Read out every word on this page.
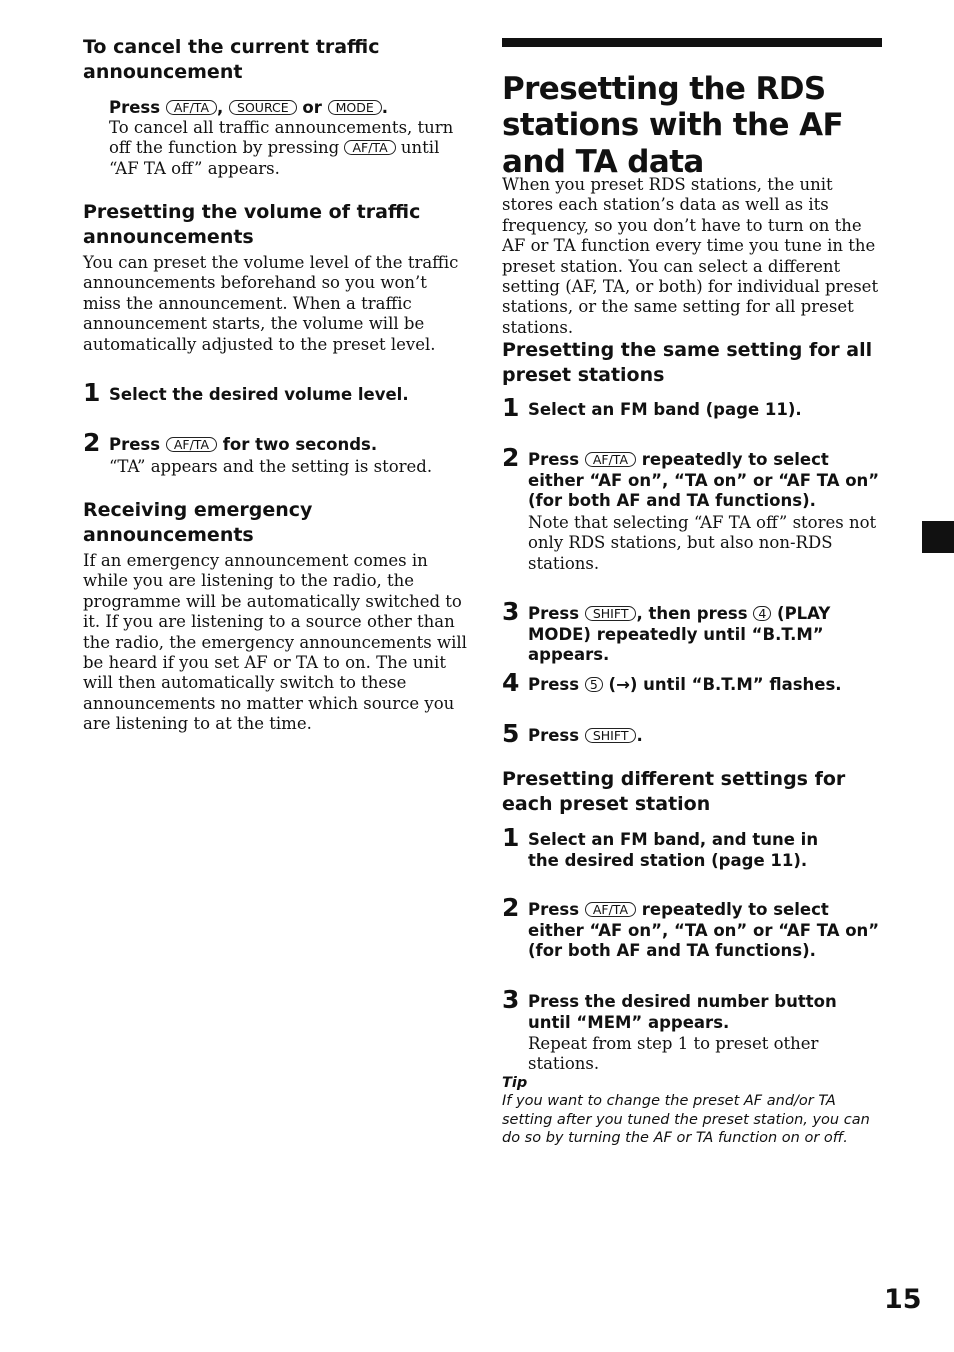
To cancel the current traffic announcement
Press AF/TA , SOURCE or MODE .

To cancel all traffic announcements, turn off the function by pressing AF/TA until “AF TA off” appears.

Presetting the volume of traffic announcements

You can preset the volume level of the traffic announcements beforehand so you won’t miss the announcement. When a traffic announcement starts, the volume will be automatically adjusted to the preset level.

1 Select the desired volume level.
2 Press AF/TA for two seconds.

“TA” appears and the setting is stored.

Receiving emergency announcements

If an emergency announcement comes in while you are listening to the radio, the programme will be automatically switched to it. If you are listening to a source other than the radio, the emergency announcements will be heard if you set AF or TA to on. The unit will then automatically switch to these announcements no matter which source you are listening to at the time.

Presetting the RDS stations with the AF and TA data

When you preset RDS stations, the unit stores each station’s data as well as its frequency, so you don’t have to turn on the AF or TA function every time you tune in the preset station. You can select a different setting (AF, TA, or both) for individual preset stations, or the same setting for all preset stations.

Presetting the same setting for all preset stations
1 Select an FM band (page 11).
2 Press AF/TA repeatedly to select either “AF on”, “TA on” or “AF TA on” (for both AF and TA functions).

Note that selecting “AF TA off” stores not only RDS stations, but also non-RDS stations.

3 Press SHIFT , then press 4 (PLAY MODE) repeatedly until “B.T.M” appears.
4 Press 5 (→) until “B.T.M” flashes.
5 Press SHIFT .
Presetting different settings for each preset station
1 Select an FM band, and tune in the desired station (page 11).
2 Press AF/TA repeatedly to select either “AF on”, “TA on” or “AF TA on” (for both AF and TA functions).
3 Press the desired number button until “MEM” appears.

Repeat from step 1 to preset other stations.

Tip

If you want to change the preset AF and/or TA setting after you tuned the preset station, you can do so by turning the AF or TA function on or off.

15
